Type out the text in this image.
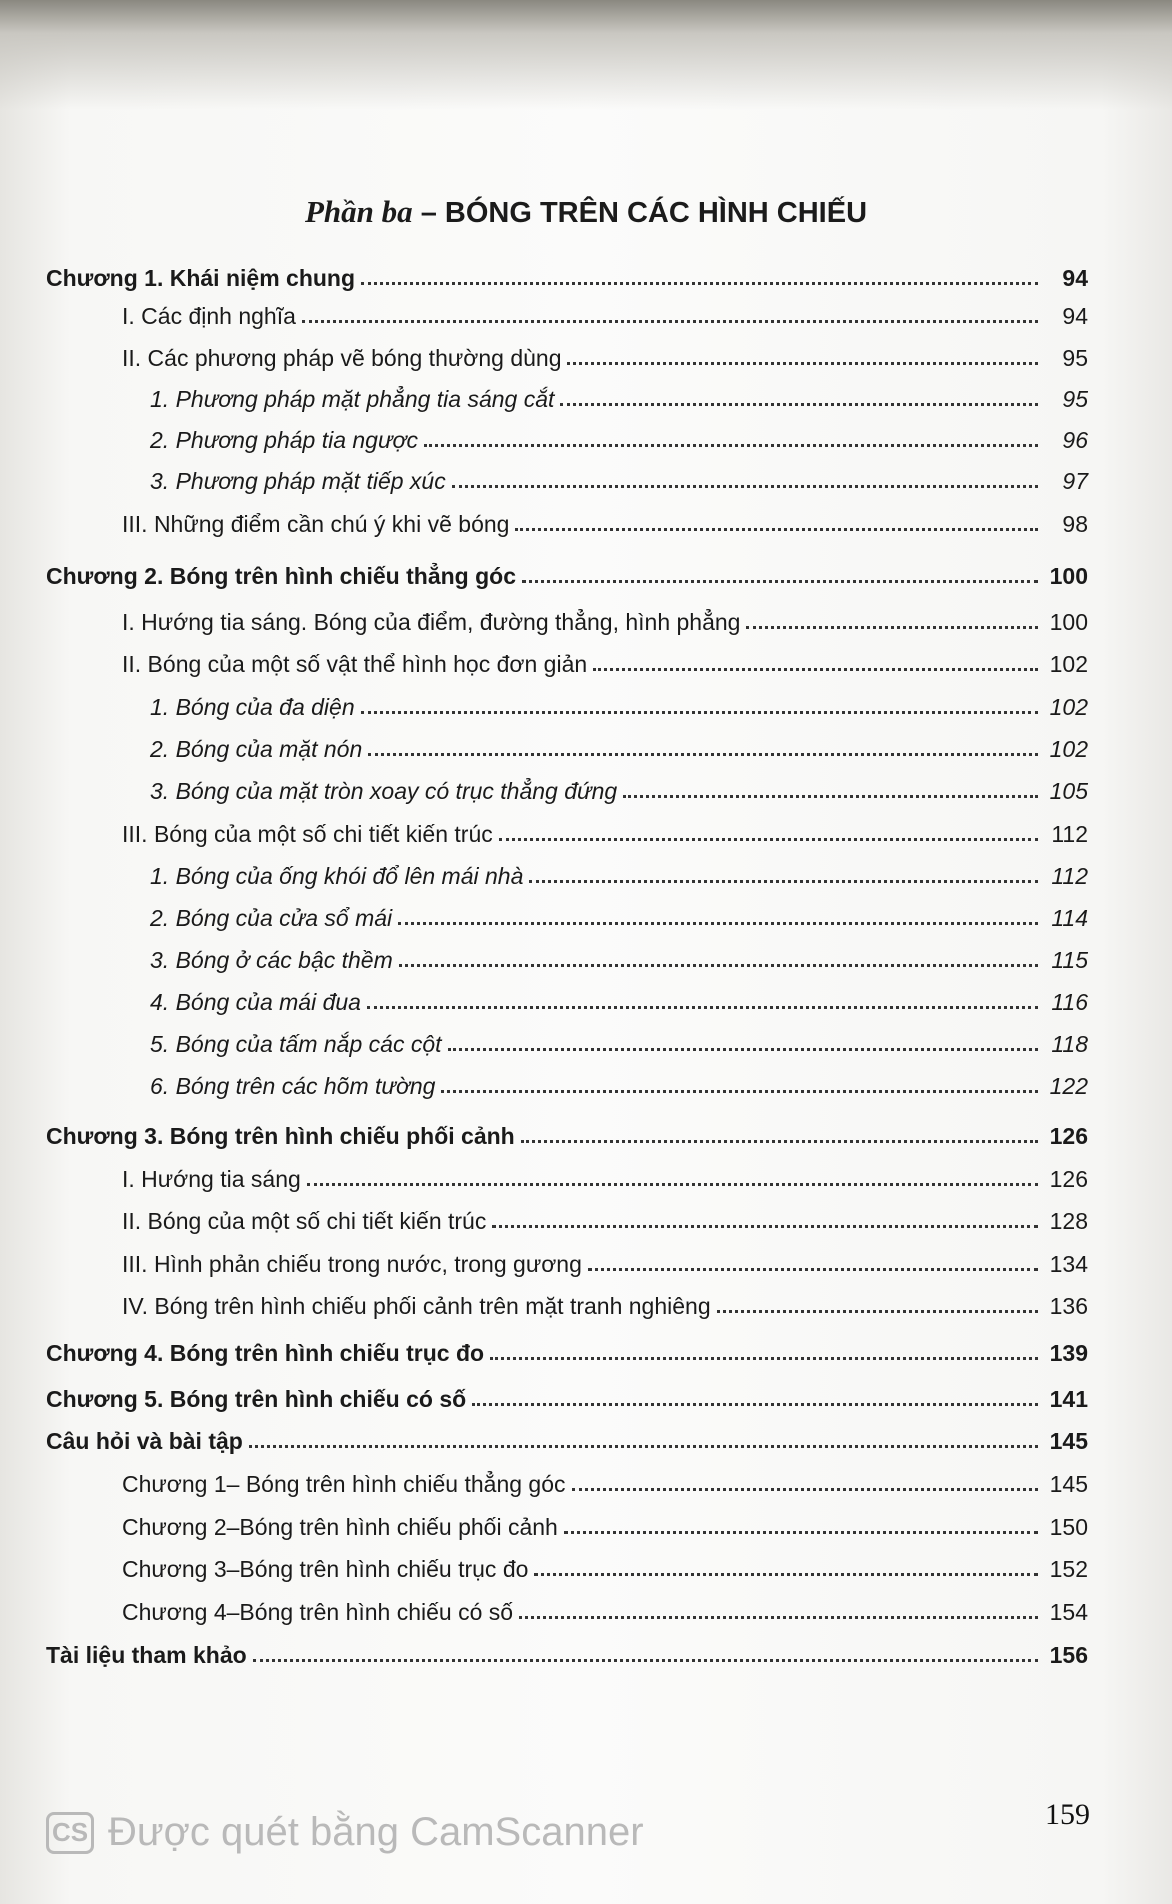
Phần ba – BÓNG TRÊN CÁC HÌNH CHIẾU
Chương 1. Khái niệm chung	94
I. Các định nghĩa	94
II. Các phương pháp vẽ bóng thường dùng	95
1. Phương pháp mặt phẳng tia sáng cắt	95
2. Phương pháp tia ngược	96
3. Phương pháp mặt tiếp xúc	97
III. Những điểm cần chú ý khi vẽ bóng	98
Chương 2. Bóng trên hình chiếu thẳng góc	100
I. Hướng tia sáng. Bóng của điểm, đường thẳng, hình phẳng	100
II. Bóng của một số vật thể hình học đơn giản	102
1. Bóng của đa diện	102
2. Bóng của mặt nón	102
3. Bóng của mặt tròn xoay có trục thẳng đứng	105
III. Bóng của một số chi tiết kiến trúc	112
1. Bóng của ống khói đổ lên mái nhà	112
2. Bóng của cửa sổ mái	114
3. Bóng ở các bậc thềm	115
4. Bóng của mái đua	116
5. Bóng của tấm nắp các cột	118
6. Bóng trên các hõm tường	122
Chương 3. Bóng trên hình chiếu phối cảnh	126
I. Hướng tia sáng	126
II. Bóng của một số chi tiết kiến trúc	128
III. Hình phản chiếu trong nước, trong gương	134
IV. Bóng trên hình chiếu phối cảnh trên mặt tranh nghiêng	136
Chương 4. Bóng trên hình chiếu trục đo	139
Chương 5. Bóng trên hình chiếu có số	141
Câu hỏi và bài tập	145
Chương 1– Bóng trên hình chiếu thẳng góc	145
Chương 2–Bóng trên hình chiếu phối cảnh	150
Chương 3–Bóng trên hình chiếu trục đo	152
Chương 4–Bóng trên hình chiếu có số	154
Tài liệu tham khảo	156
159
CS Được quét bằng CamScanner
